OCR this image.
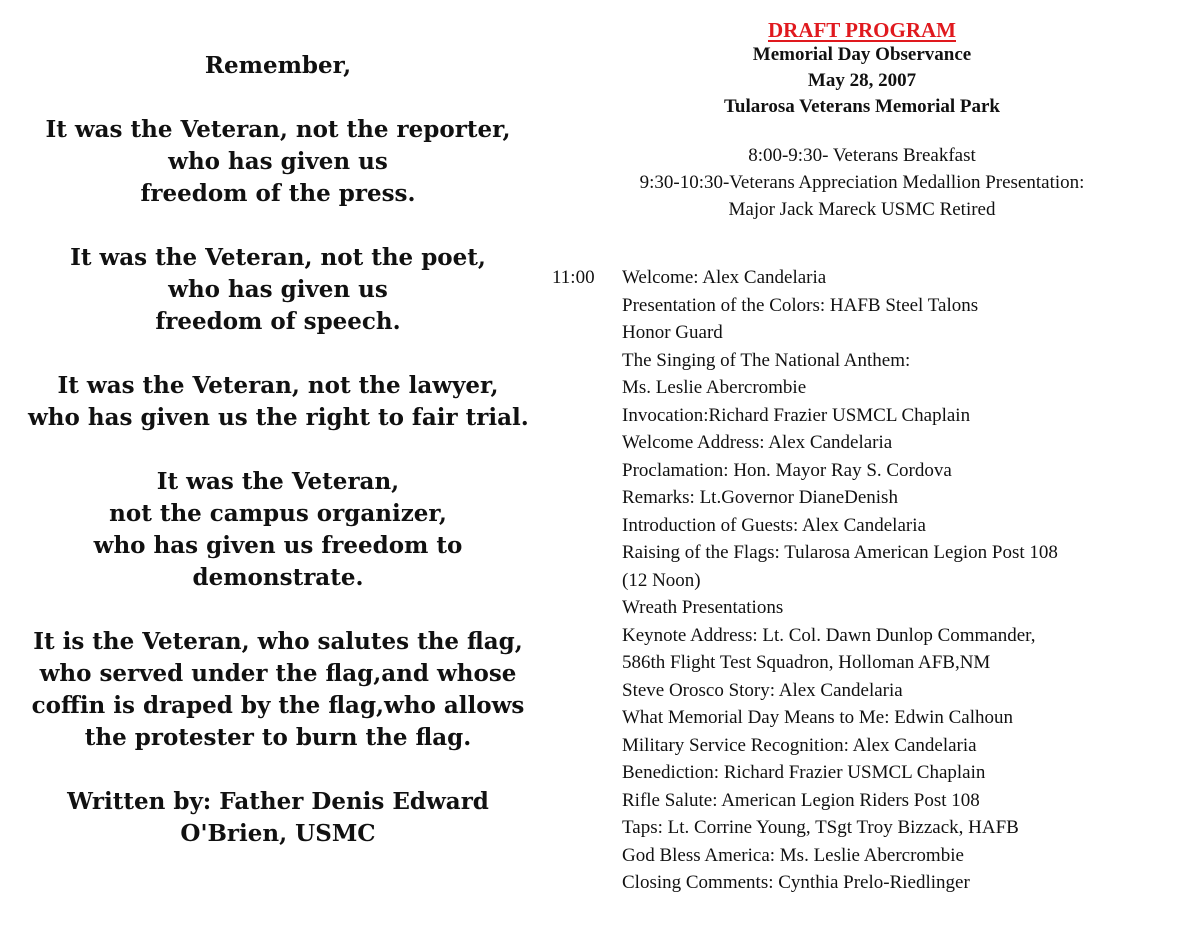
Remember,
It was the Veteran, not the reporter,
who has given us
freedom of the press.
It was the Veteran, not the poet,
who has given us
freedom of speech.
It was the Veteran, not the lawyer,
who has given us the right to fair trial.
It was the Veteran,
not the campus organizer,
who has given us freedom to
demonstrate.
It is the Veteran, who salutes the flag,
who served under the flag,and whose
coffin is draped by the flag,who allows
the protester to burn the flag.
Written by: Father Denis Edward
O'Brien, USMC
DRAFT PROGRAM
Memorial Day Observance
May 28, 2007
Tularosa Veterans Memorial Park
8:00-9:30- Veterans Breakfast
9:30-10:30-Veterans Appreciation Medallion Presentation:
Major Jack Mareck USMC Retired
11:00 Welcome: Alex Candelaria
Presentation of the Colors: HAFB Steel Talons
Honor Guard
The Singing of The National Anthem:
Ms. Leslie Abercrombie
Invocation:Richard Frazier USMCL Chaplain
Welcome Address: Alex Candelaria
Proclamation: Hon. Mayor Ray S. Cordova
Remarks: Lt.Governor DianeDenish
Introduction of Guests: Alex Candelaria
Raising of the Flags: Tularosa American Legion Post 108
(12 Noon)
Wreath Presentations
Keynote Address: Lt. Col. Dawn Dunlop Commander,
586th Flight Test Squadron, Holloman AFB,NM
Steve Orosco Story: Alex Candelaria
What Memorial Day Means to Me: Edwin Calhoun
Military Service Recognition: Alex Candelaria
Benediction: Richard Frazier USMCL Chaplain
Rifle Salute: American Legion Riders Post 108
Taps: Lt. Corrine Young, TSgt Troy Bizzack, HAFB
God Bless America: Ms. Leslie Abercrombie
Closing Comments: Cynthia Prelo-Riedlinger
